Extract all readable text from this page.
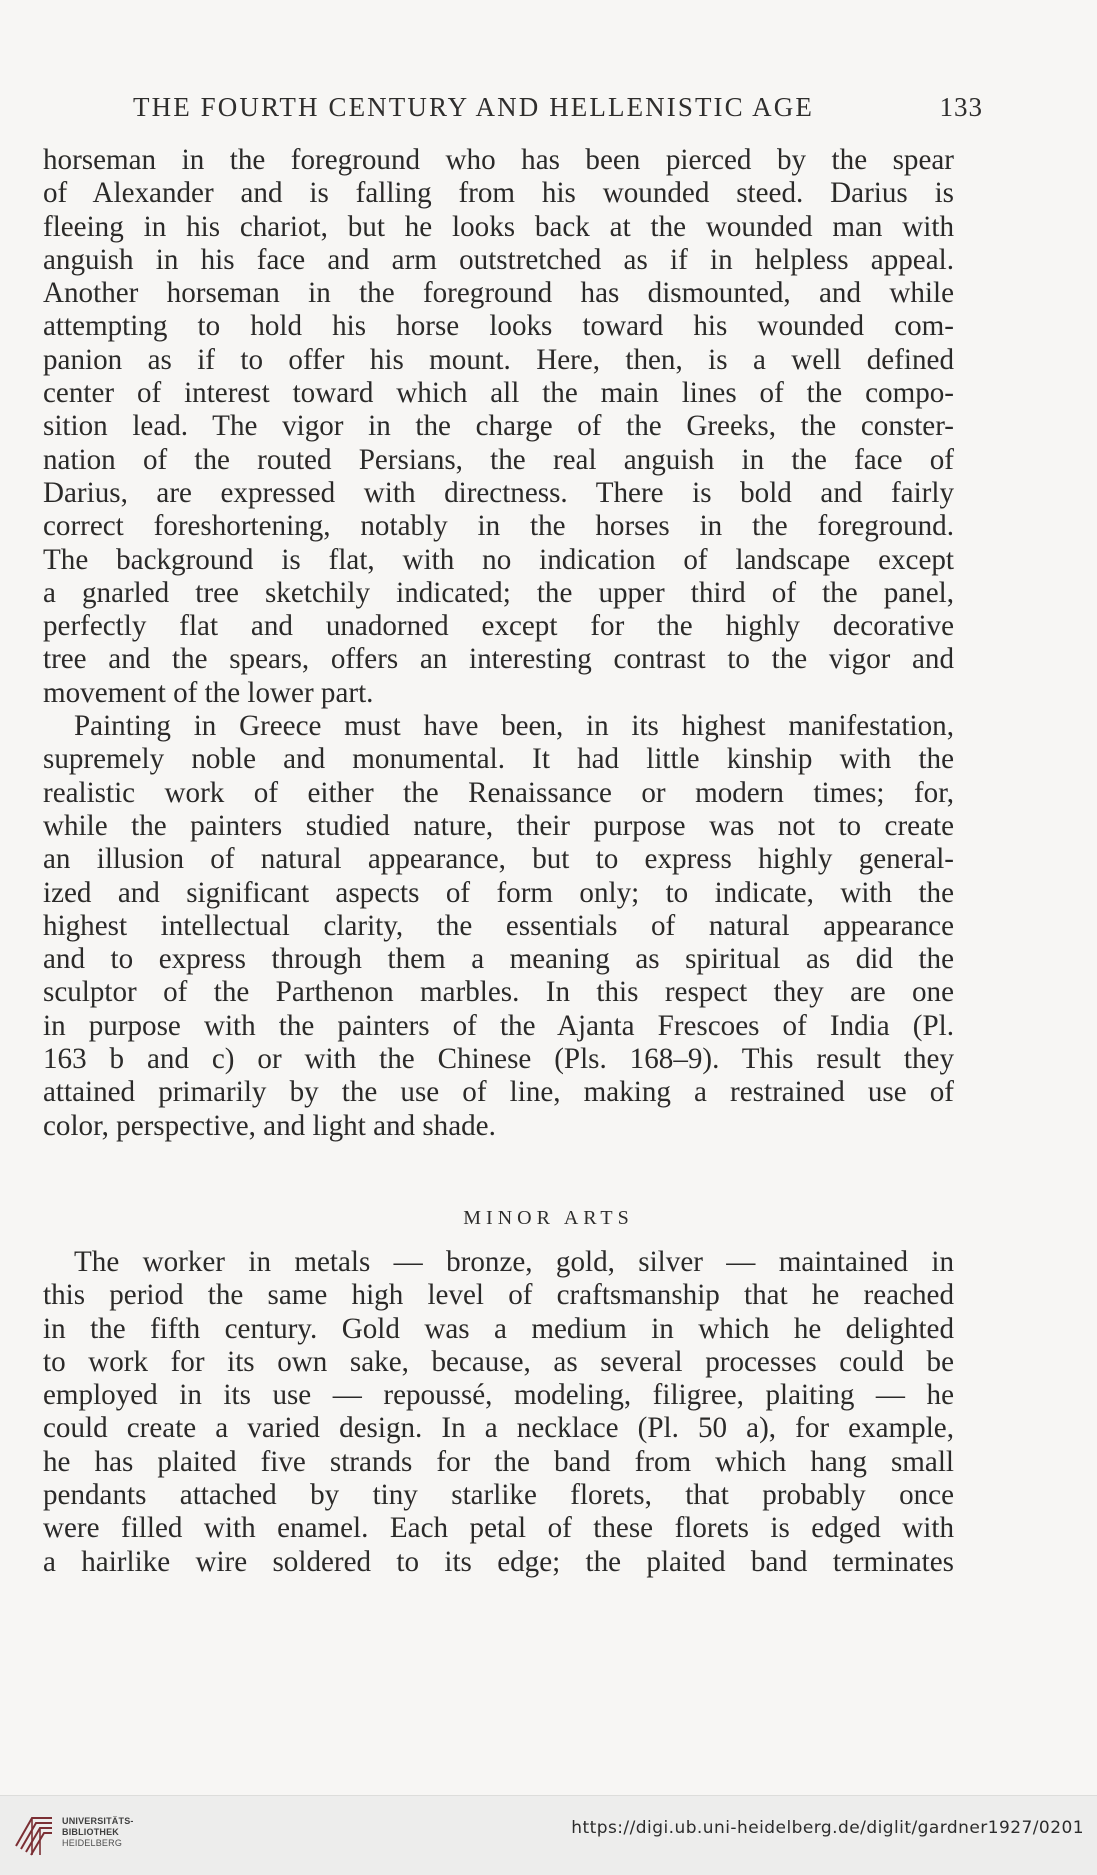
THE FOURTH CENTURY AND HELLENISTIC AGE	133
horseman in the foreground who has been pierced by the spear
of Alexander and is falling from his wounded steed. Darius is
fleeing in his chariot, but he looks back at the wounded man with
anguish in his face and arm outstretched as if in helpless appeal.
Another horseman in the foreground has dismounted, and while
attempting to hold his horse looks toward his wounded com-
panion as if to offer his mount. Here, then, is a well defined
center of interest toward which all the main lines of the compo-
sition lead. The vigor in the charge of the Greeks, the conster-
nation of the routed Persians, the real anguish in the face of
Darius, are expressed with directness. There is bold and fairly
correct foreshortening, notably in the horses in the foreground.
The background is flat, with no indication of landscape except
a gnarled tree sketchily indicated; the upper third of the panel,
perfectly flat and unadorned except for the highly decorative
tree and the spears, offers an interesting contrast to the vigor and
movement of the lower part.
Painting in Greece must have been, in its highest manifestation,
supremely noble and monumental. It had little kinship with the
realistic work of either the Renaissance or modern times; for,
while the painters studied nature, their purpose was not to create
an illusion of natural appearance, but to express highly general-
ized and significant aspects of form only; to indicate, with the
highest intellectual clarity, the essentials of natural appearance
and to express through them a meaning as spiritual as did the
sculptor of the Parthenon marbles. In this respect they are one
in purpose with the painters of the Ajanta Frescoes of India (Pl.
163 b and c) or with the Chinese (Pls. 168–9). This result they
attained primarily by the use of line, making a restrained use of
color, perspective, and light and shade.
MINOR ARTS
The worker in metals — bronze, gold, silver — maintained in
this period the same high level of craftsmanship that he reached
in the fifth century. Gold was a medium in which he delighted
to work for its own sake, because, as several processes could be
employed in its use — repoussé, modeling, filigree, plaiting — he
could create a varied design. In a necklace (Pl. 50 a), for example,
he has plaited five strands for the band from which hang small
pendants attached by tiny starlike florets, that probably once
were filled with enamel. Each petal of these florets is edged with
a hairlike wire soldered to its edge; the plaited band terminates
UNIVERSITÄTS-
BIBLIOTHEK
HEIDELBERG
https://digi.ub.uni-heidelberg.de/diglit/gardner1927/0201
